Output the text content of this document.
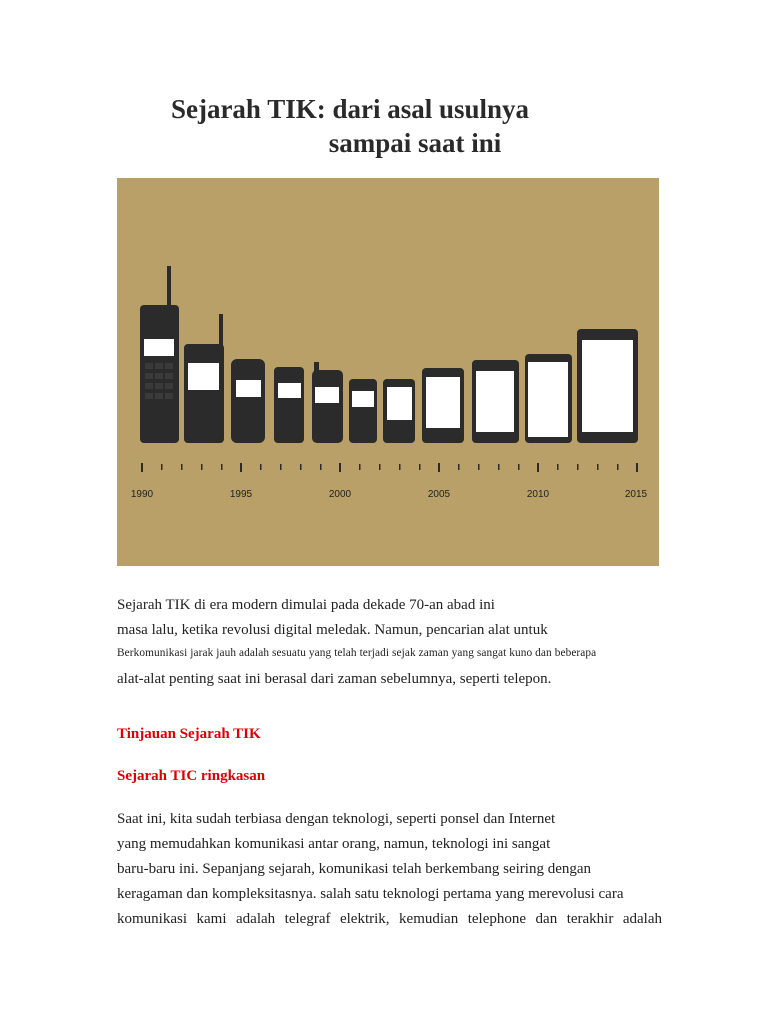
Sejarah TIK: dari asal usulnya
sampai saat ini
1990	1995	2000	2005	2010	2015
Sejarah TIK di era modern dimulai pada dekade 70-an abad ini
masa lalu, ketika revolusi digital meledak. Namun, pencarian alat untuk
Berkomunikasi jarak jauh adalah sesuatu yang telah terjadi sejak zaman yang sangat kuno dan beberapa
alat-alat penting saat ini berasal dari zaman sebelumnya, seperti telepon.
Tinjauan Sejarah TIK
Sejarah TIC ringkasan
Saat ini, kita sudah terbiasa dengan teknologi, seperti ponsel dan Internet
yang memudahkan komunikasi antar orang, namun, teknologi ini sangat
baru-baru ini. Sepanjang sejarah, komunikasi telah berkembang seiring dengan
keragaman dan kompleksitasnya. salah satu teknologi pertama yang merevolusi cara
komunikasi kami adalah telegraf elektrik, kemudian telephone dan terakhir adalah
